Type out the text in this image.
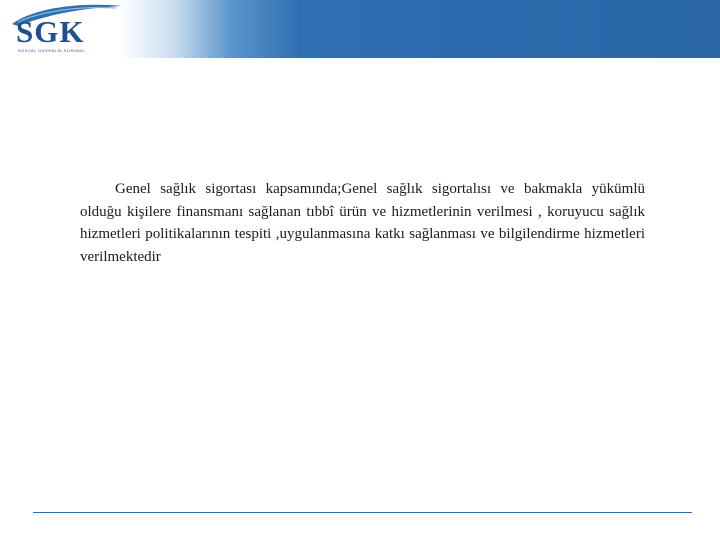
SGK
SOSYAL GÜVENLİK KURUMU
Genel sağlık sigortası kapsamında;Genel sağlık sigortalısı ve bakmakla yükümlü olduğu kişilere finansmanı sağlanan tıbbî ürün ve hizmetlerinin verilmesi , koruyucu sağlık hizmetleri politikalarının tespiti ,uygulanmasına katkı sağlanması ve bilgilendirme hizmetleri verilmektedir
